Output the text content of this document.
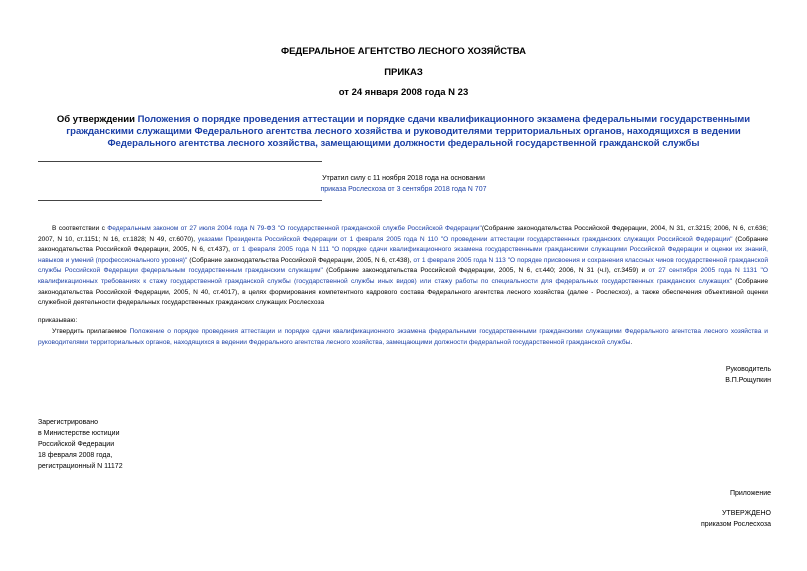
ФЕДЕРАЛЬНОЕ АГЕНТСТВО ЛЕСНОГО ХОЗЯЙСТВА
ПРИКАЗ
от 24 января 2008 года N 23
Об утверждении Положения о порядке проведения аттестации и порядке сдачи квалификационного экзамена федеральными государственными гражданскими служащими Федерального агентства лесного хозяйства и руководителями территориальных органов, находящихся в ведении Федерального агентства лесного хозяйства, замещающими должности федеральной государственной гражданской службы
Утратил силу с 11 ноября 2018 года на основании
приказа Рослесхоза от 3 сентября 2018 года N 707
В соответствии с Федеральным законом от 27 июля 2004 года N 79-ФЗ "О государственной гражданской службе Российской Федерации"(Собрание законодательства Российской Федерации, 2004, N 31, ст.3215; 2006, N 6, ст.636; 2007, N 10, ст.1151; N 16, ст.1828; N 49, ст.6070), указами Президента Российской Федерации от 1 февраля 2005 года N 110 "О проведении аттестации государственных гражданских служащих Российской Федерации" (Собрание законодательства Российской Федерации, 2005, N 6, ст.437), от 1 февраля 2005 года N 111 "О порядке сдачи квалификационного экзамена государственными гражданскими служащими Российской Федерации и оценки их знаний, навыков и умений (профессионального уровня)" (Собрание законодательства Российской Федерации, 2005, N 6, ст.438), от 1 февраля 2005 года N 113 "О порядке присвоения и сохранения классных чинов государственной гражданской службы Российской Федерации федеральным государственным гражданским служащим" (Собрание законодательства Российской Федерации, 2005, N 6, ст.440; 2006, N 31 (ч.I), ст.3459) и от 27 сентября 2005 года N 1131 "О квалификационных требованиях к стажу государственной гражданской службы (государственной службы иных видов) или стажу работы по специальности для федеральных государственных гражданских служащих" (Собрание законодательства Российской Федерации, 2005, N 40, ст.4017), в целях формирования компетентного кадрового состава Федерального агентства лесного хозяйства (далее - Рослесхоз), а также обеспечения объективной оценки служебной деятельности федеральных государственных гражданских служащих Рослесхоза
приказываю:
Утвердить прилагаемое Положение о порядке проведения аттестации и порядке сдачи квалификационного экзамена федеральными государственными гражданскими служащими Федерального агентства лесного хозяйства и руководителями территориальных органов, находящихся в ведении Федерального агентства лесного хозяйства, замещающими должности федеральной государственной гражданской службы.
Руководитель
В.П.Рощупкин
Зарегистрировано
в Министерстве юстиции
Российской Федерации
18 февраля 2008 года,
регистрационный N 11172
Приложение
УТВЕРЖДЕНО
приказом Рослесхоза
